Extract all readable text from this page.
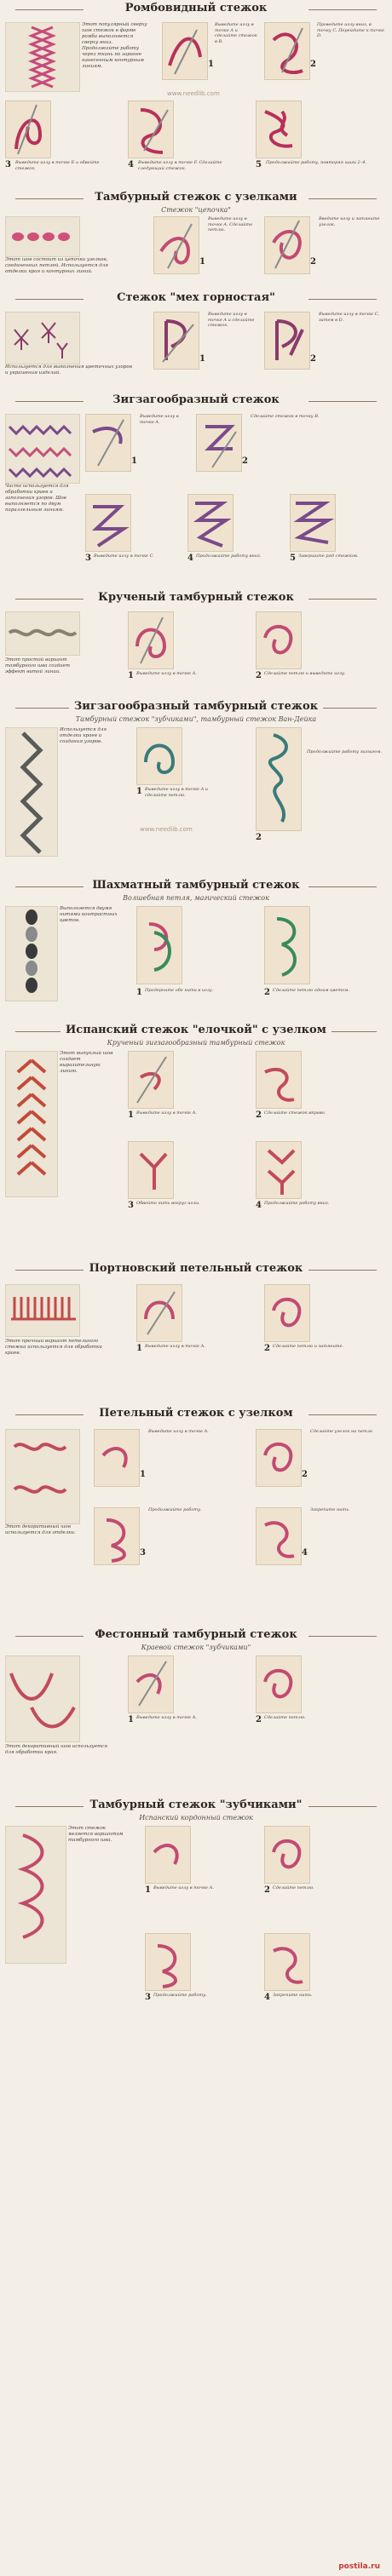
Ромбовидный стежок
Этот популярный сверху шов стежок в форме ромба выполняется сверху вниз. Продолжайте работу через ткань по заранее нанесенным контурным линиям.	1
Выведите иглу в точке A и сделайте стежок в B.
2
Проведите иглу вниз, в точку C. Перейдите к точке D.
www.needlib.com
3 Выведите иглу в точке E и обвейте стежок.	4 Выведите иглу в точке F. Сделайте следующий стежок.	5 Продолжайте работу, повторяя шаги 2–4.
Тамбурный стежок с узелками
Стежок "цепочка"
Этот шов состоит из цепочки узелков, соединенных петлей. Используется для отделки края и контурных линий.
1
Выведите иглу в точке A. Сделайте петлю.
2
Введите иглу и затяните узелок.
Стежок "мех горностая"
Используется для выполнения цветочных узоров и украшения изделий.
1
Выведите иглу в точке A и сделайте стежок.
2
Выведите иглу в точке C, затем в D.
Зигзагообразный стежок
Часто используется для обработки краев и заполнения узоров. Шов выполняется по двум параллельным линиям.
1
Выведите иглу в точке A.
2
Сделайте стежок в точку B.
3 Выведите иглу в точке C.	4 Продолжайте работу вниз.	5 Завершите ряд стежков.
Крученый тамбурный стежок
Этот простой вариант тамбурного шва создает эффект витой линии.	1 Выведите иглу в точке A.	2 Сделайте петлю и выведите иглу.
Зигзагообразный тамбурный стежок
Тамбурный стежок "зубчиками", тамбурный стежок Ван-Дейка
Используется для отделки краев и создания узоров.
1 Выведите иглу в точке A и сделайте петлю.
www.needlib.com
2
Продолжайте работу зигзагом.
Шахматный тамбурный стежок
Волшебная петля, магический стежок
Выполняется двумя нитями контрастных цветов.
1 Продерните обе нити в иглу.	2 Сделайте петлю одним цветом.
Испанский стежок "елочкой" с узелком
Крученый зигзагообразный тамбурный стежок
Этот выпуклый шов создает выразительную линию.
1 Выведите иглу в точке A.	2 Сделайте стежок вправо.
3 Обвейте нить вокруг иглы.	4 Продолжайте работу вниз.
Портновский петельный стежок
Этот прочный вариант петельного стежка используется для обработки краев.	1 Выведите иглу в точке A.	2 Сделайте петлю и затяните.
Петельный стежок с узелком
Этот декоративный шов используется для отделки.
1
Выведите иглу в точке A.
2
Сделайте узелок на петле.
3
Продолжайте работу.
4
Закрепите нить.
Фестонный тамбурный стежок
Краевой стежок "зубчиками"
Этот декоративный шов используется для обработки края.
1 Выведите иглу в точке A.	2 Сделайте петлю.
Тамбурный стежок "зубчиками"
Испанский кордонный стежок
Этот стежок является вариантом тамбурного шва.
1 Выведите иглу в точке A.	2 Сделайте петлю.
3 Продолжайте работу.	4 Закрепите нить.
postila.ru
